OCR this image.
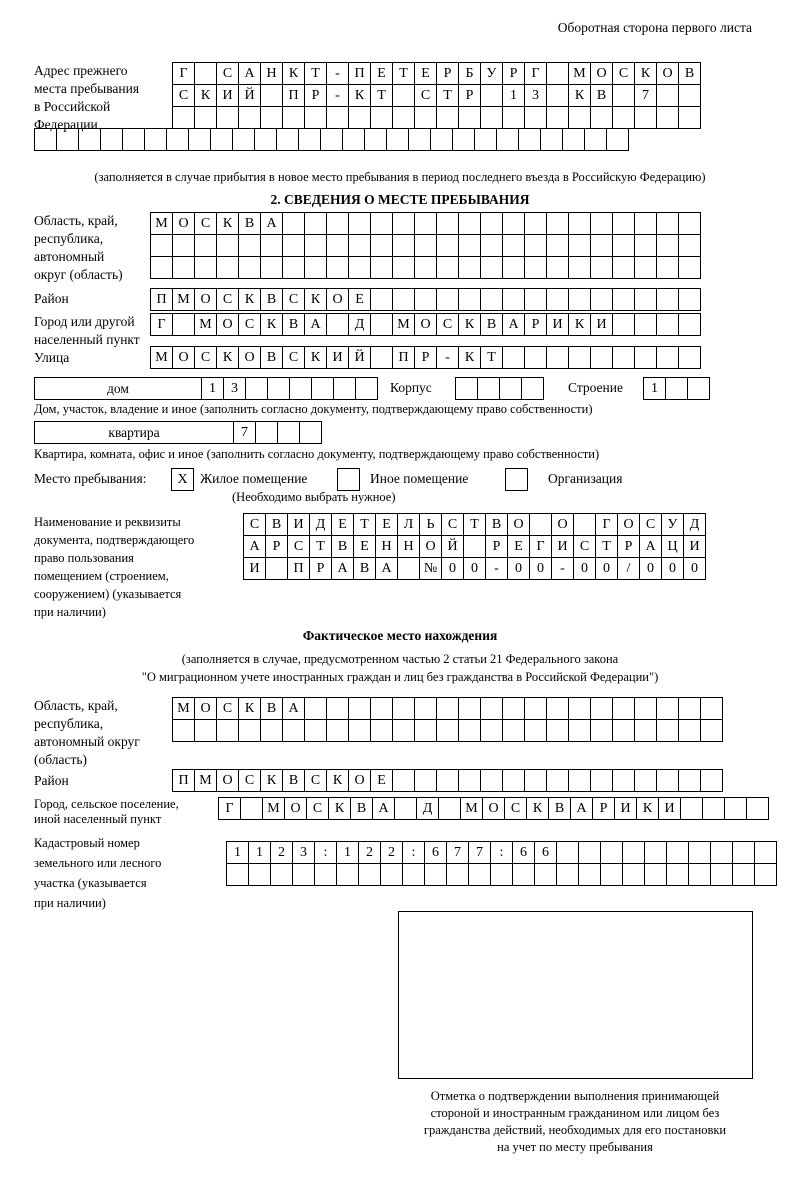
Оборотная сторона первого листа
Адрес прежнего
места пребывания
в Российской
Федерации
Г	С А Н К Т	-	П Е Т Е Р	Б У Р	Г	М О С К О В
С К И Й	П Р	-	К Т	С Т Р	1	3	К В	7
(заполняется в случае прибытия в новое место пребывания в период последнего въезда в Российскую Федерацию)
2. СВЕДЕНИЯ О МЕСТЕ ПРЕБЫВАНИЯ
Область, край,
республика,
автономный
округ (область)
М О С К В А
Район	П М О С К В С К О Е
Город или другой
населенный пункт
Г	М О С К В А	Д	М О С К В А Р И К И
Улица	М О С К О В С К И Й	П Р	-	К Т
дом	1	3	Корпус	Строение	1
Дом, участок, владение и иное (заполнить согласно документу, подтверждающему право собственности)
квартира	7
Квартира, комната, офис и иное (заполнить согласно документу, подтверждающему право собственности)
Место пребывания:	X Жилое помещение	Иное помещение	Организация
(Необходимо выбрать нужное)
Наименование и реквизиты
документа, подтверждающего
право пользования
помещением (строением,
сооружением) (указывается
при наличии)
С В И Д Е Т Е Л Ь С Т В О	О	Г О С У Д
А Р С Т В Е Н Н О Й	Р Е Г И С Т Р А Ц И
И	П Р А В А	№ 0	0	-	0	0	-	0	0	/	0	0	0
Фактическое место нахождения
(заполняется в случае, предусмотренном частью 2 статьи 21 Федерального закона
"О миграционном учете иностранных граждан и лиц без гражданства в Российской Федерации")
Область, край,
республика,
автономный округ
(область)
М О С К В А
Район	П М О С К В С К О Е
Город, сельское поселение,
иной населенный пункт
Г	М О С К В А	Д	М О С К В А Р И К И
Кадастровый номер
земельного или лесного
участка (указывается
при наличии)
1	1	2	3	:	1	2	2	:	6	7	7	:	6	6
Отметка о подтверждении выполнения принимающей
стороной и иностранным гражданином или лицом без
гражданства действий, необходимых для его постановки
на учет по месту пребывания
